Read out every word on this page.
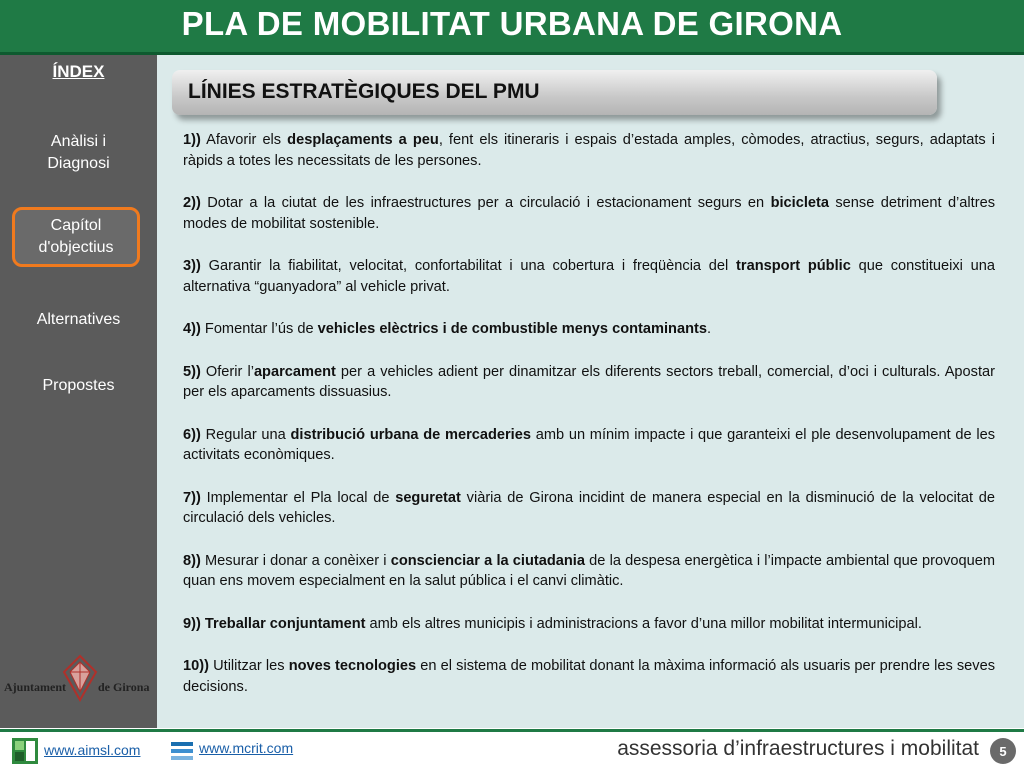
PLA DE MOBILITAT URBANA DE GIRONA
ÍNDEX
Anàlisi i
Diagnosi
Capítol
d'objectius
Alternatives
Propostes
Ajuntament	de Girona
LÍNIES ESTRATÈGIQUES DEL PMU

1)) Afavorir els desplaçaments a peu, fent els itineraris i espais d’estada amples, còmodes, atractius, segurs, adaptats i ràpids a totes les necessitats de les persones.

2)) Dotar a la ciutat de les infraestructures per a circulació i estacionament segurs en bicicleta sense detriment d’altres modes de mobilitat sostenible.

3)) Garantir la fiabilitat, velocitat, confortabilitat i una cobertura i freqüència del transport públic que constitueixi una alternativa “guanyadora” al vehicle privat.

4)) Fomentar l’ús de vehicles elèctrics i de combustible menys contaminants.

5)) Oferir l’aparcament per a vehicles adient per dinamitzar els diferents sectors treball, comercial, d’oci i culturals. Apostar per els aparcaments dissuasius.

6)) Regular una distribució urbana de mercaderies amb un mínim impacte i que garanteixi el ple desenvolupament de les activitats econòmiques.

7)) Implementar el Pla local de seguretat viària de Girona incidint de manera especial en la disminució de la velocitat de circulació dels vehicles.

8)) Mesurar i donar a conèixer i conscienciar a la ciutadania de la despesa energètica i l’impacte ambiental que provoquem quan ens movem especialment en la salut pública i el canvi climàtic.

9)) Treballar conjuntament amb els altres municipis i administracions a favor d’una millor mobilitat intermunicipal.

10)) Utilitzar les noves tecnologies en el sistema de mobilitat donant la màxima informació als usuaris per prendre les seves decisions.

www.aimsl.com	www.mcrit.com	assessoria d’infraestructures i mobilitat	5
